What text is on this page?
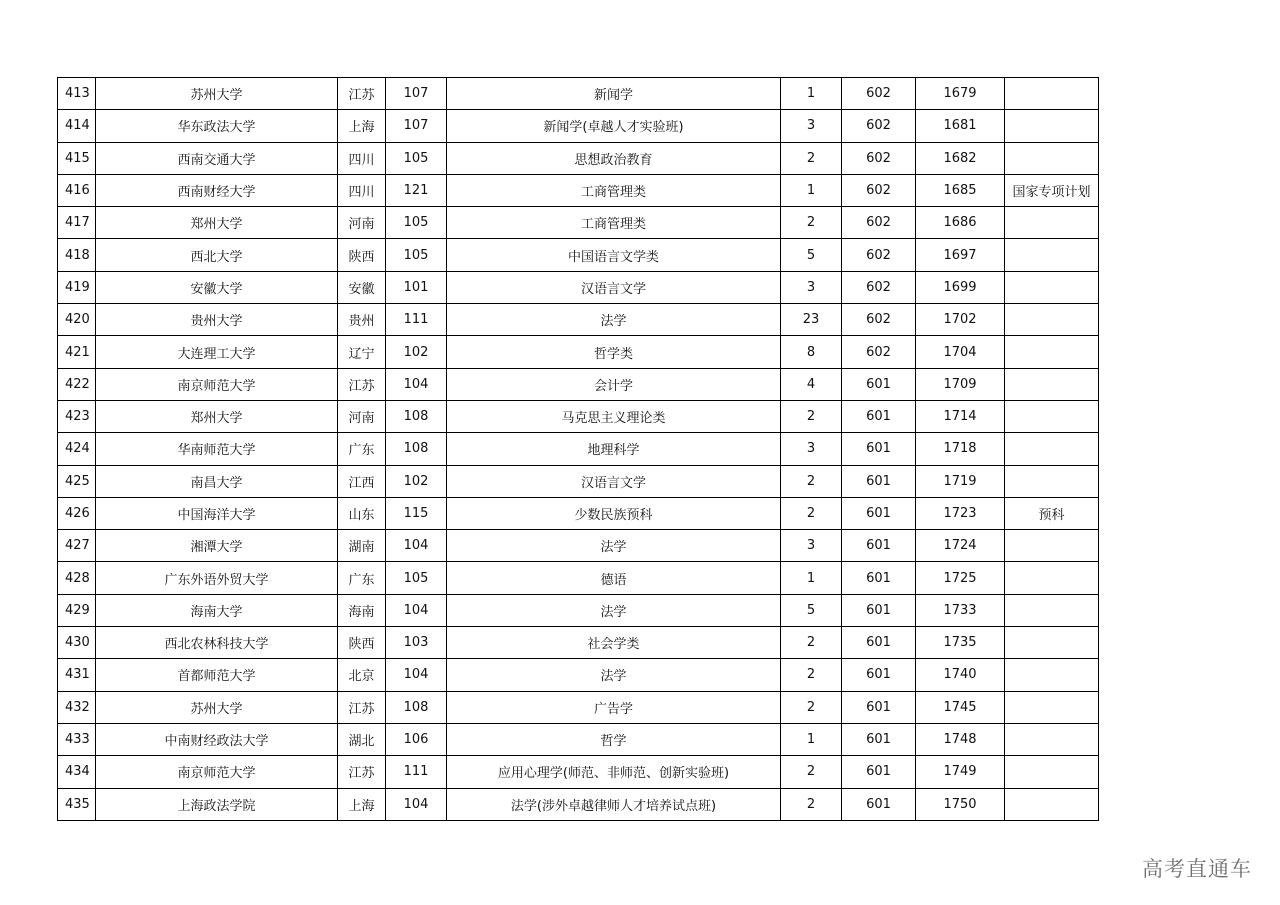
413	苏州大学	江苏	107	新闻学	1	602	1679	
414	华东政法大学	上海	107	新闻学(卓越人才实验班)	3	602	1681	
415	西南交通大学	四川	105	思想政治教育	2	602	1682	
416	西南财经大学	四川	121	工商管理类	1	602	1685	国家专项计划
417	郑州大学	河南	105	工商管理类	2	602	1686	
418	西北大学	陕西	105	中国语言文学类	5	602	1697	
419	安徽大学	安徽	101	汉语言文学	3	602	1699	
420	贵州大学	贵州	111	法学	23	602	1702	
421	大连理工大学	辽宁	102	哲学类	8	602	1704	
422	南京师范大学	江苏	104	会计学	4	601	1709	
423	郑州大学	河南	108	马克思主义理论类	2	601	1714	
424	华南师范大学	广东	108	地理科学	3	601	1718	
425	南昌大学	江西	102	汉语言文学	2	601	1719	
426	中国海洋大学	山东	115	少数民族预科	2	601	1723	预科
427	湘潭大学	湖南	104	法学	3	601	1724	
428	广东外语外贸大学	广东	105	德语	1	601	1725	
429	海南大学	海南	104	法学	5	601	1733	
430	西北农林科技大学	陕西	103	社会学类	2	601	1735	
431	首都师范大学	北京	104	法学	2	601	1740	
432	苏州大学	江苏	108	广告学	2	601	1745	
433	中南财经政法大学	湖北	106	哲学	1	601	1748	
434	南京师范大学	江苏	111	应用心理学(师范、非师范、创新实验班)	2	601	1749	
435	上海政法学院	上海	104	法学(涉外卓越律师人才培养试点班)	2	601	1750	
高考直通车
